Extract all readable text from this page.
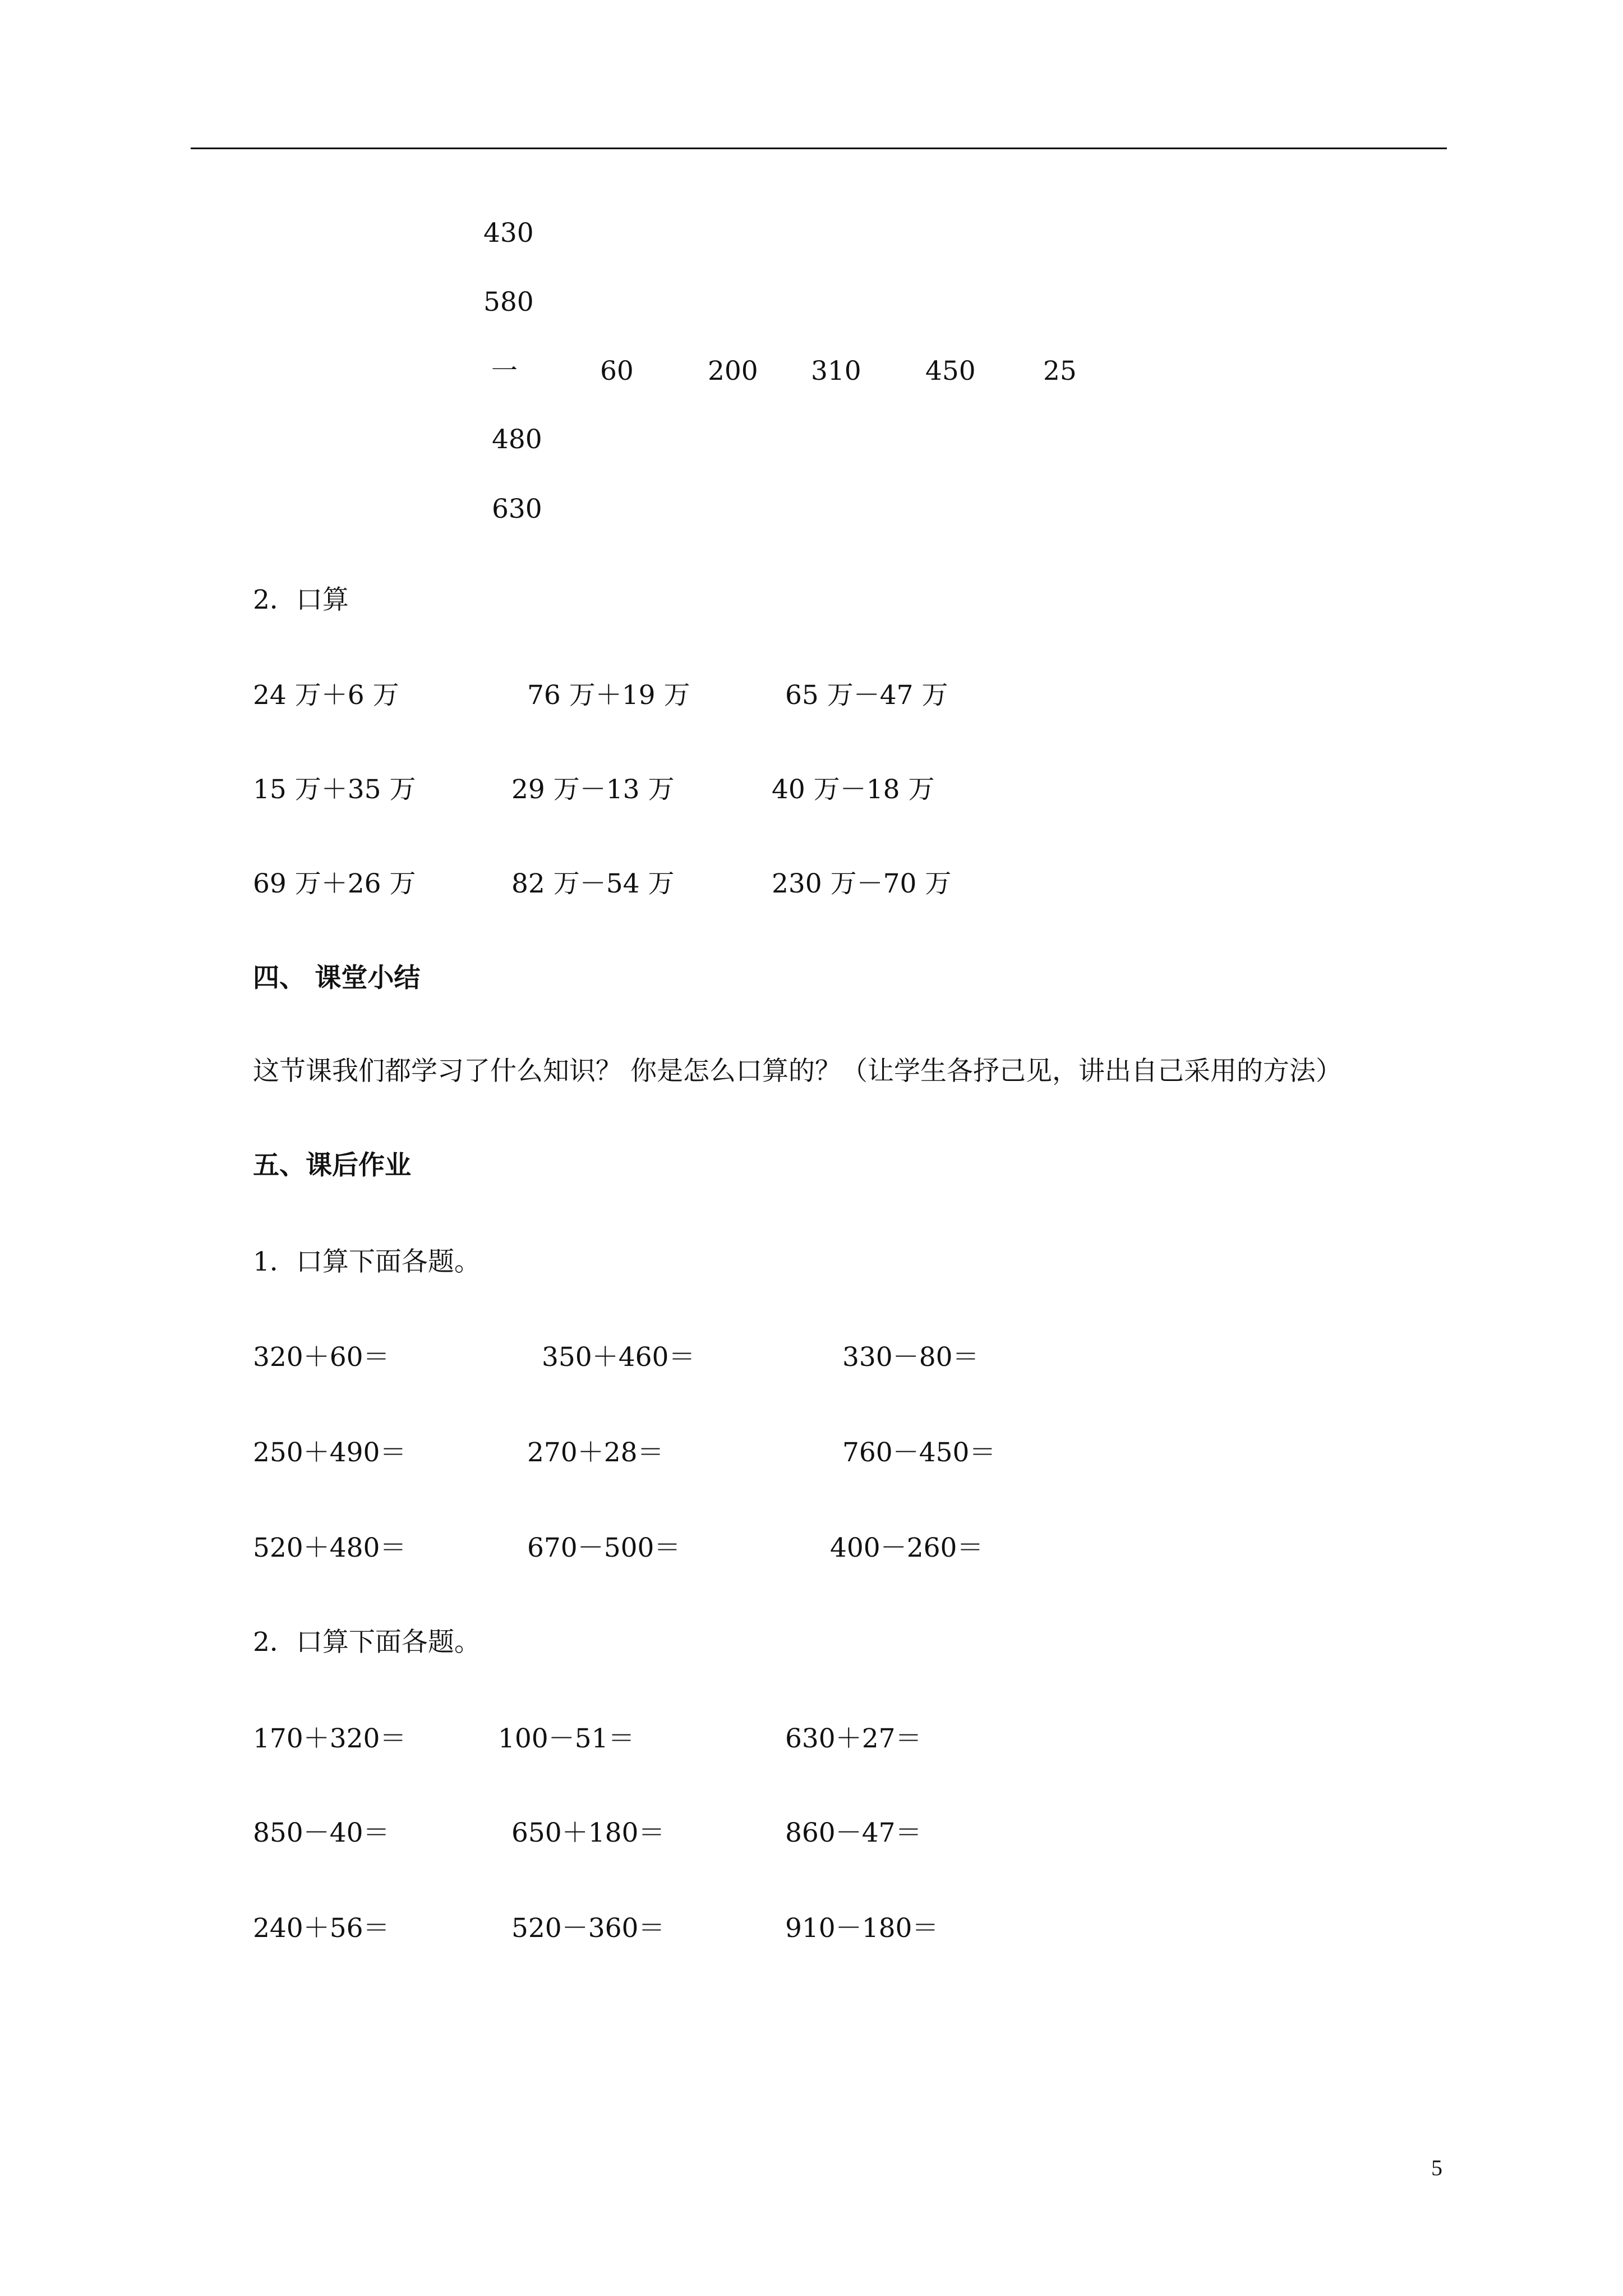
430
580
一	60	200 310 450	25
480
630
2．口算
24 万＋6 万	76 万＋19 万	65 万－47 万
15 万＋35 万	29 万－13 万	40 万－18 万
69 万＋26 万	82 万－54 万	230 万－70 万
四、 课堂小结
这节课我们都学习了什么知识？ 你是怎么口算的？（让学生各抒己见，讲出自己采用的方法）
五、课后作业
1．口算下面各题。
320＋60＝	350＋460＝	330－80＝
250＋490＝	270＋28＝	760－450＝
520＋480＝	670－500＝	400－260＝
2．口算下面各题。
170＋320＝	100－51＝	630＋27＝
850－40＝	650＋180＝	860－47＝
240＋56＝	520－360＝	910－180＝
5
